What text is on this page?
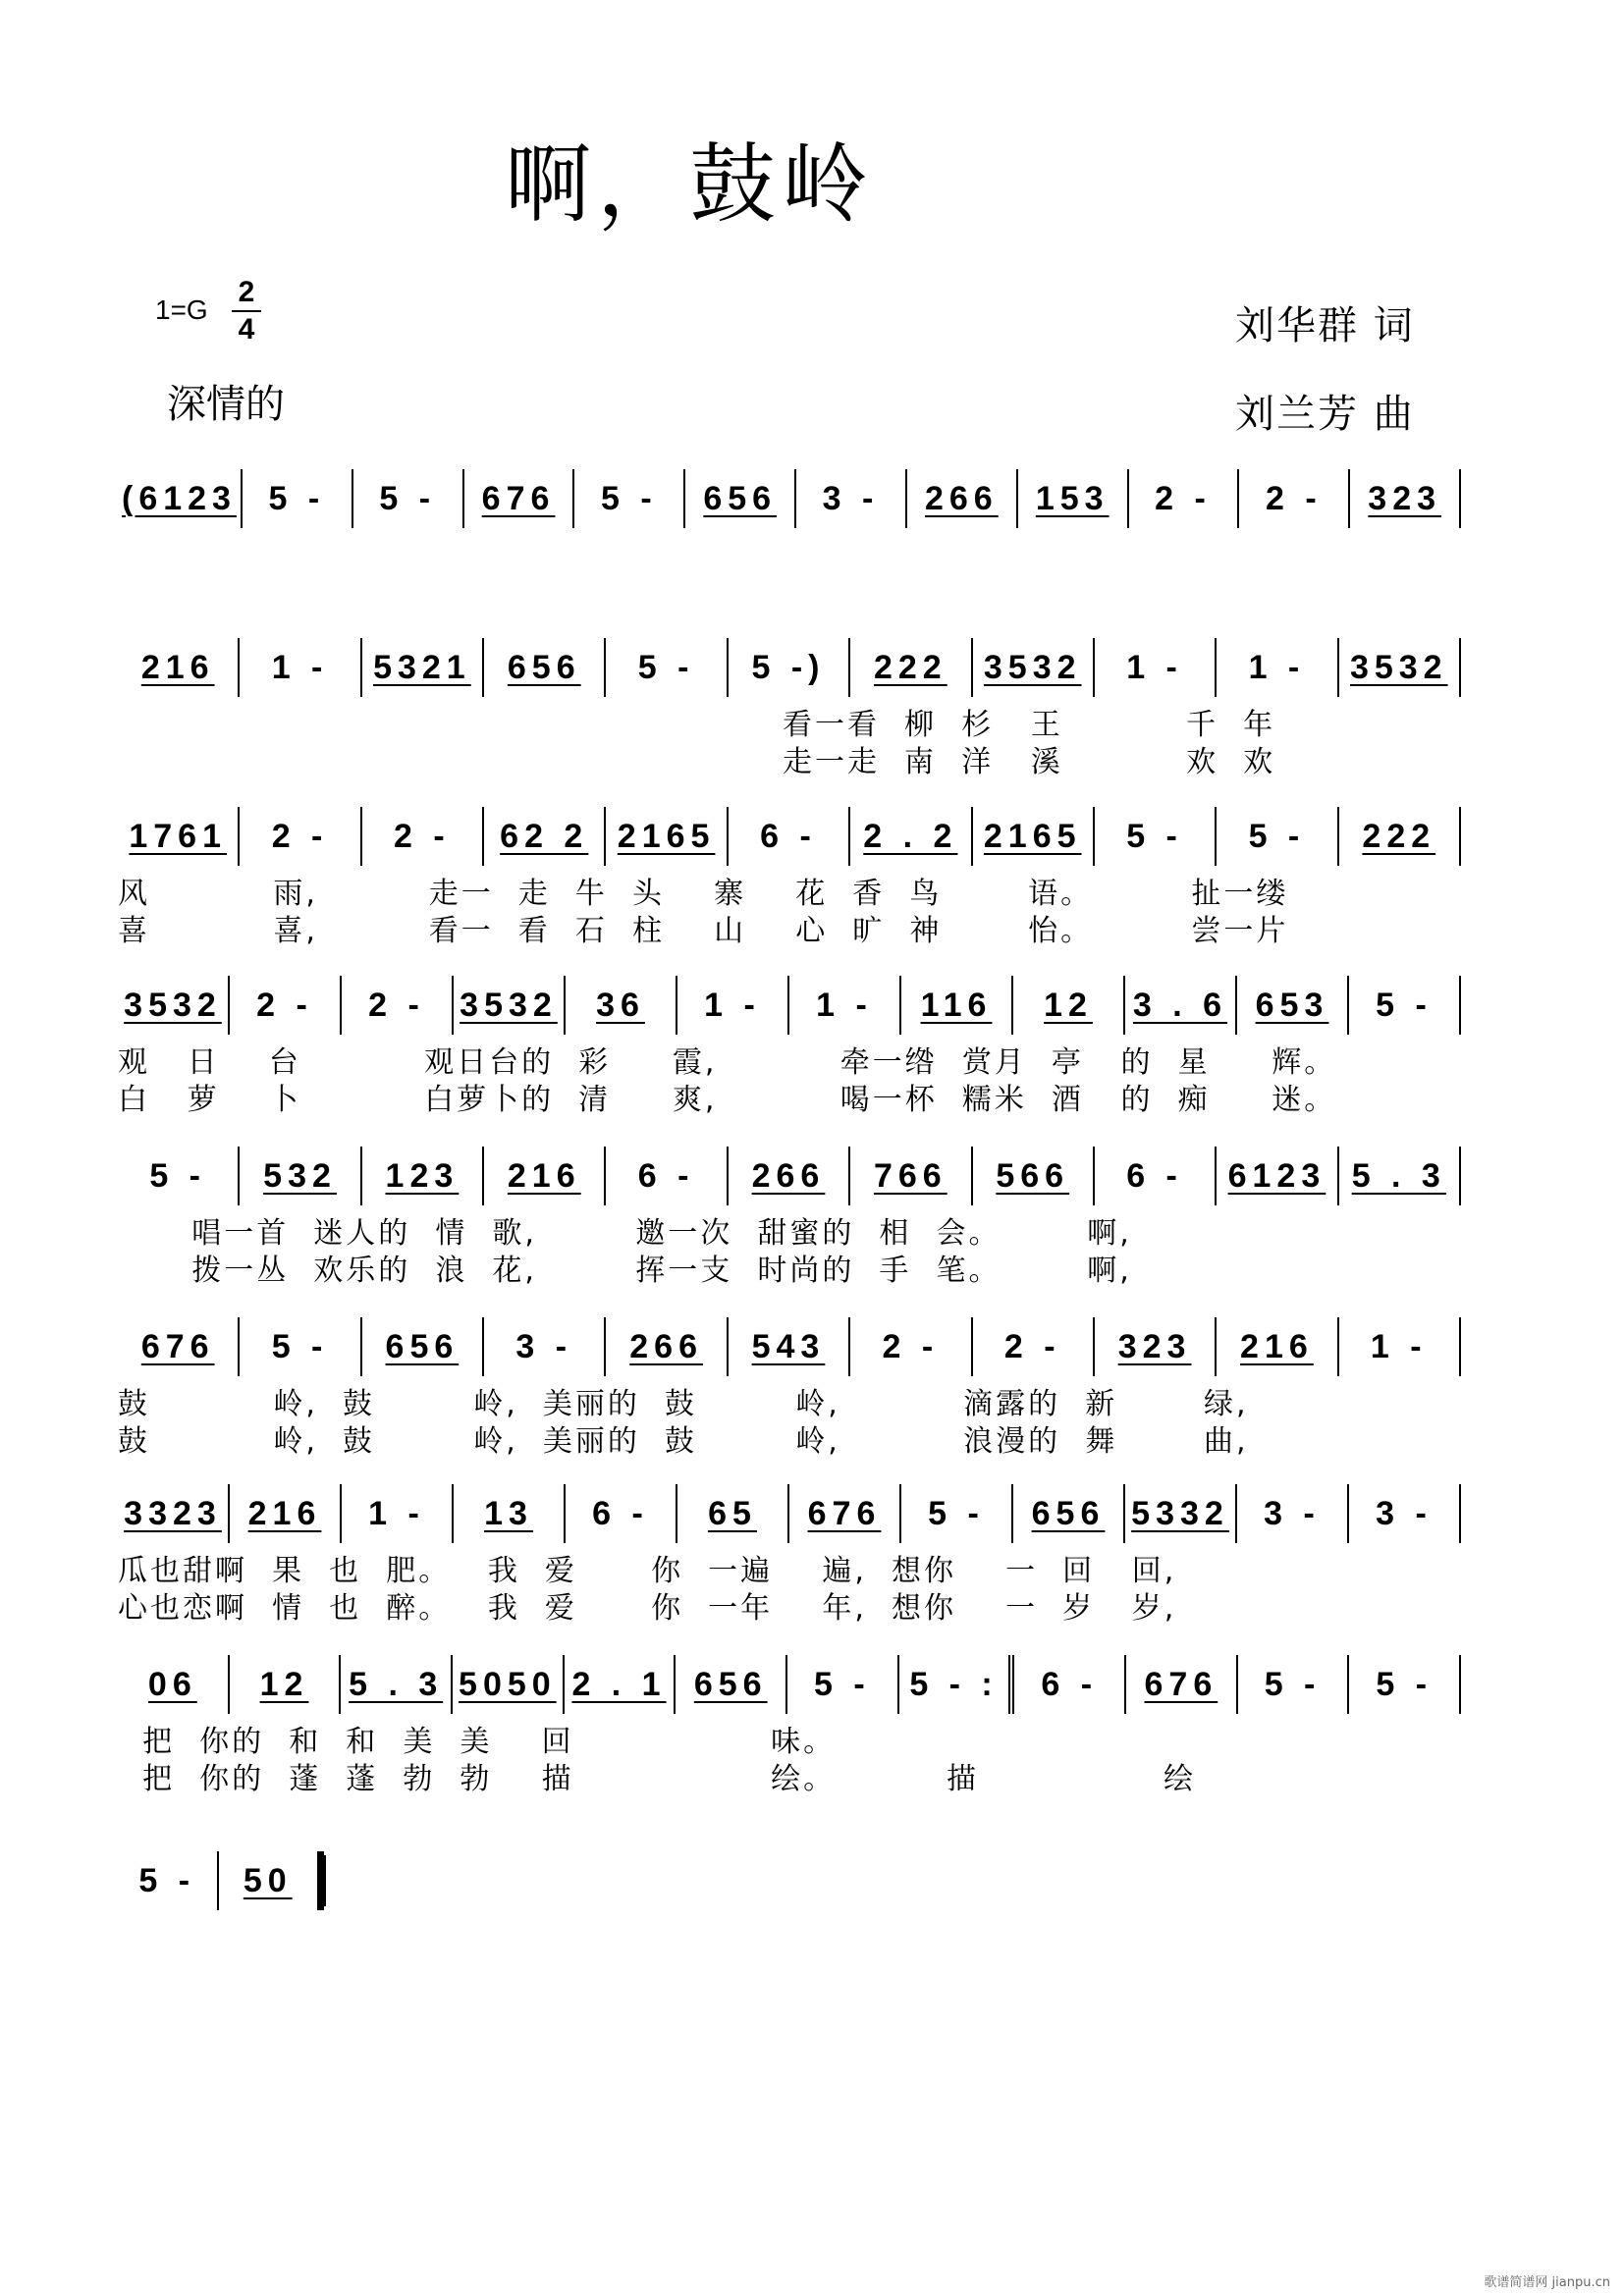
啊，鼓岭
1=G
2
4
深情的
刘华群 词
刘兰芳 曲
(6123 5 - 5 - 676 5 - 656 3 - 266 153 2 - 2 - 323
216 1 - 5321 656 5 - 5 -) 222 3532 1 - 1 - 3532
看一看  柳  杉   王          千  年
走一走  南  洋   溪          欢  欢
1761 2 - 2 - 62 2 2165 6 - 2 . 2 2165 5 - 5 - 222
风          雨,         走一  走  牛  头    寨    花  香  鸟       语。        扯一缕
喜          喜,         看一  看  石  柱    山    心  旷  神       怡。        尝一片
3532 2 - 2 - 3532 36 1 - 1 - 116 12 3 . 6 653 5 -
观   日    台          观日台的  彩     霞,          牵一绺  赏月  亭   的  星     辉。
白   萝    卜          白萝卜的  清     爽,          喝一杯  糯米  酒   的  痴     迷。
5 - 532 123 216 6 - 266 766 566 6 - 6123 5 . 3
唱一首  迷人的  情  歌,        邀一次  甜蜜的  相  会。       啊,
拨一丛  欢乐的  浪  花,        挥一支  时尚的  手  笔。       啊,
676 5 - 656 3 - 266 543 2 - 2 - 323 216 1 -
鼓          岭,  鼓        岭,  美丽的  鼓        岭,          滴露的  新       绿,
鼓          岭,  鼓        岭,  美丽的  鼓        岭,          浪漫的  舞       曲,
3323 216 1 - 13 6 - 65 676 5 - 656 5332 3 - 3 -
瓜也甜啊  果  也  肥。   我  爱      你  一遍    遍,  想你    一  回   回,
心也恋啊  情  也  醉。   我  爱      你  一年    年,  想你    一  岁   岁,
06 12 5 . 3 5050 2 . 1 656 5 - 5 - : 6 - 676 5 - 5 -
把  你的  和  和  美  美    回                味。
把  你的  蓬  蓬  勃  勃    描                绘。         描               绘
5 - 50
歌谱简谱网 jianpu.cn
